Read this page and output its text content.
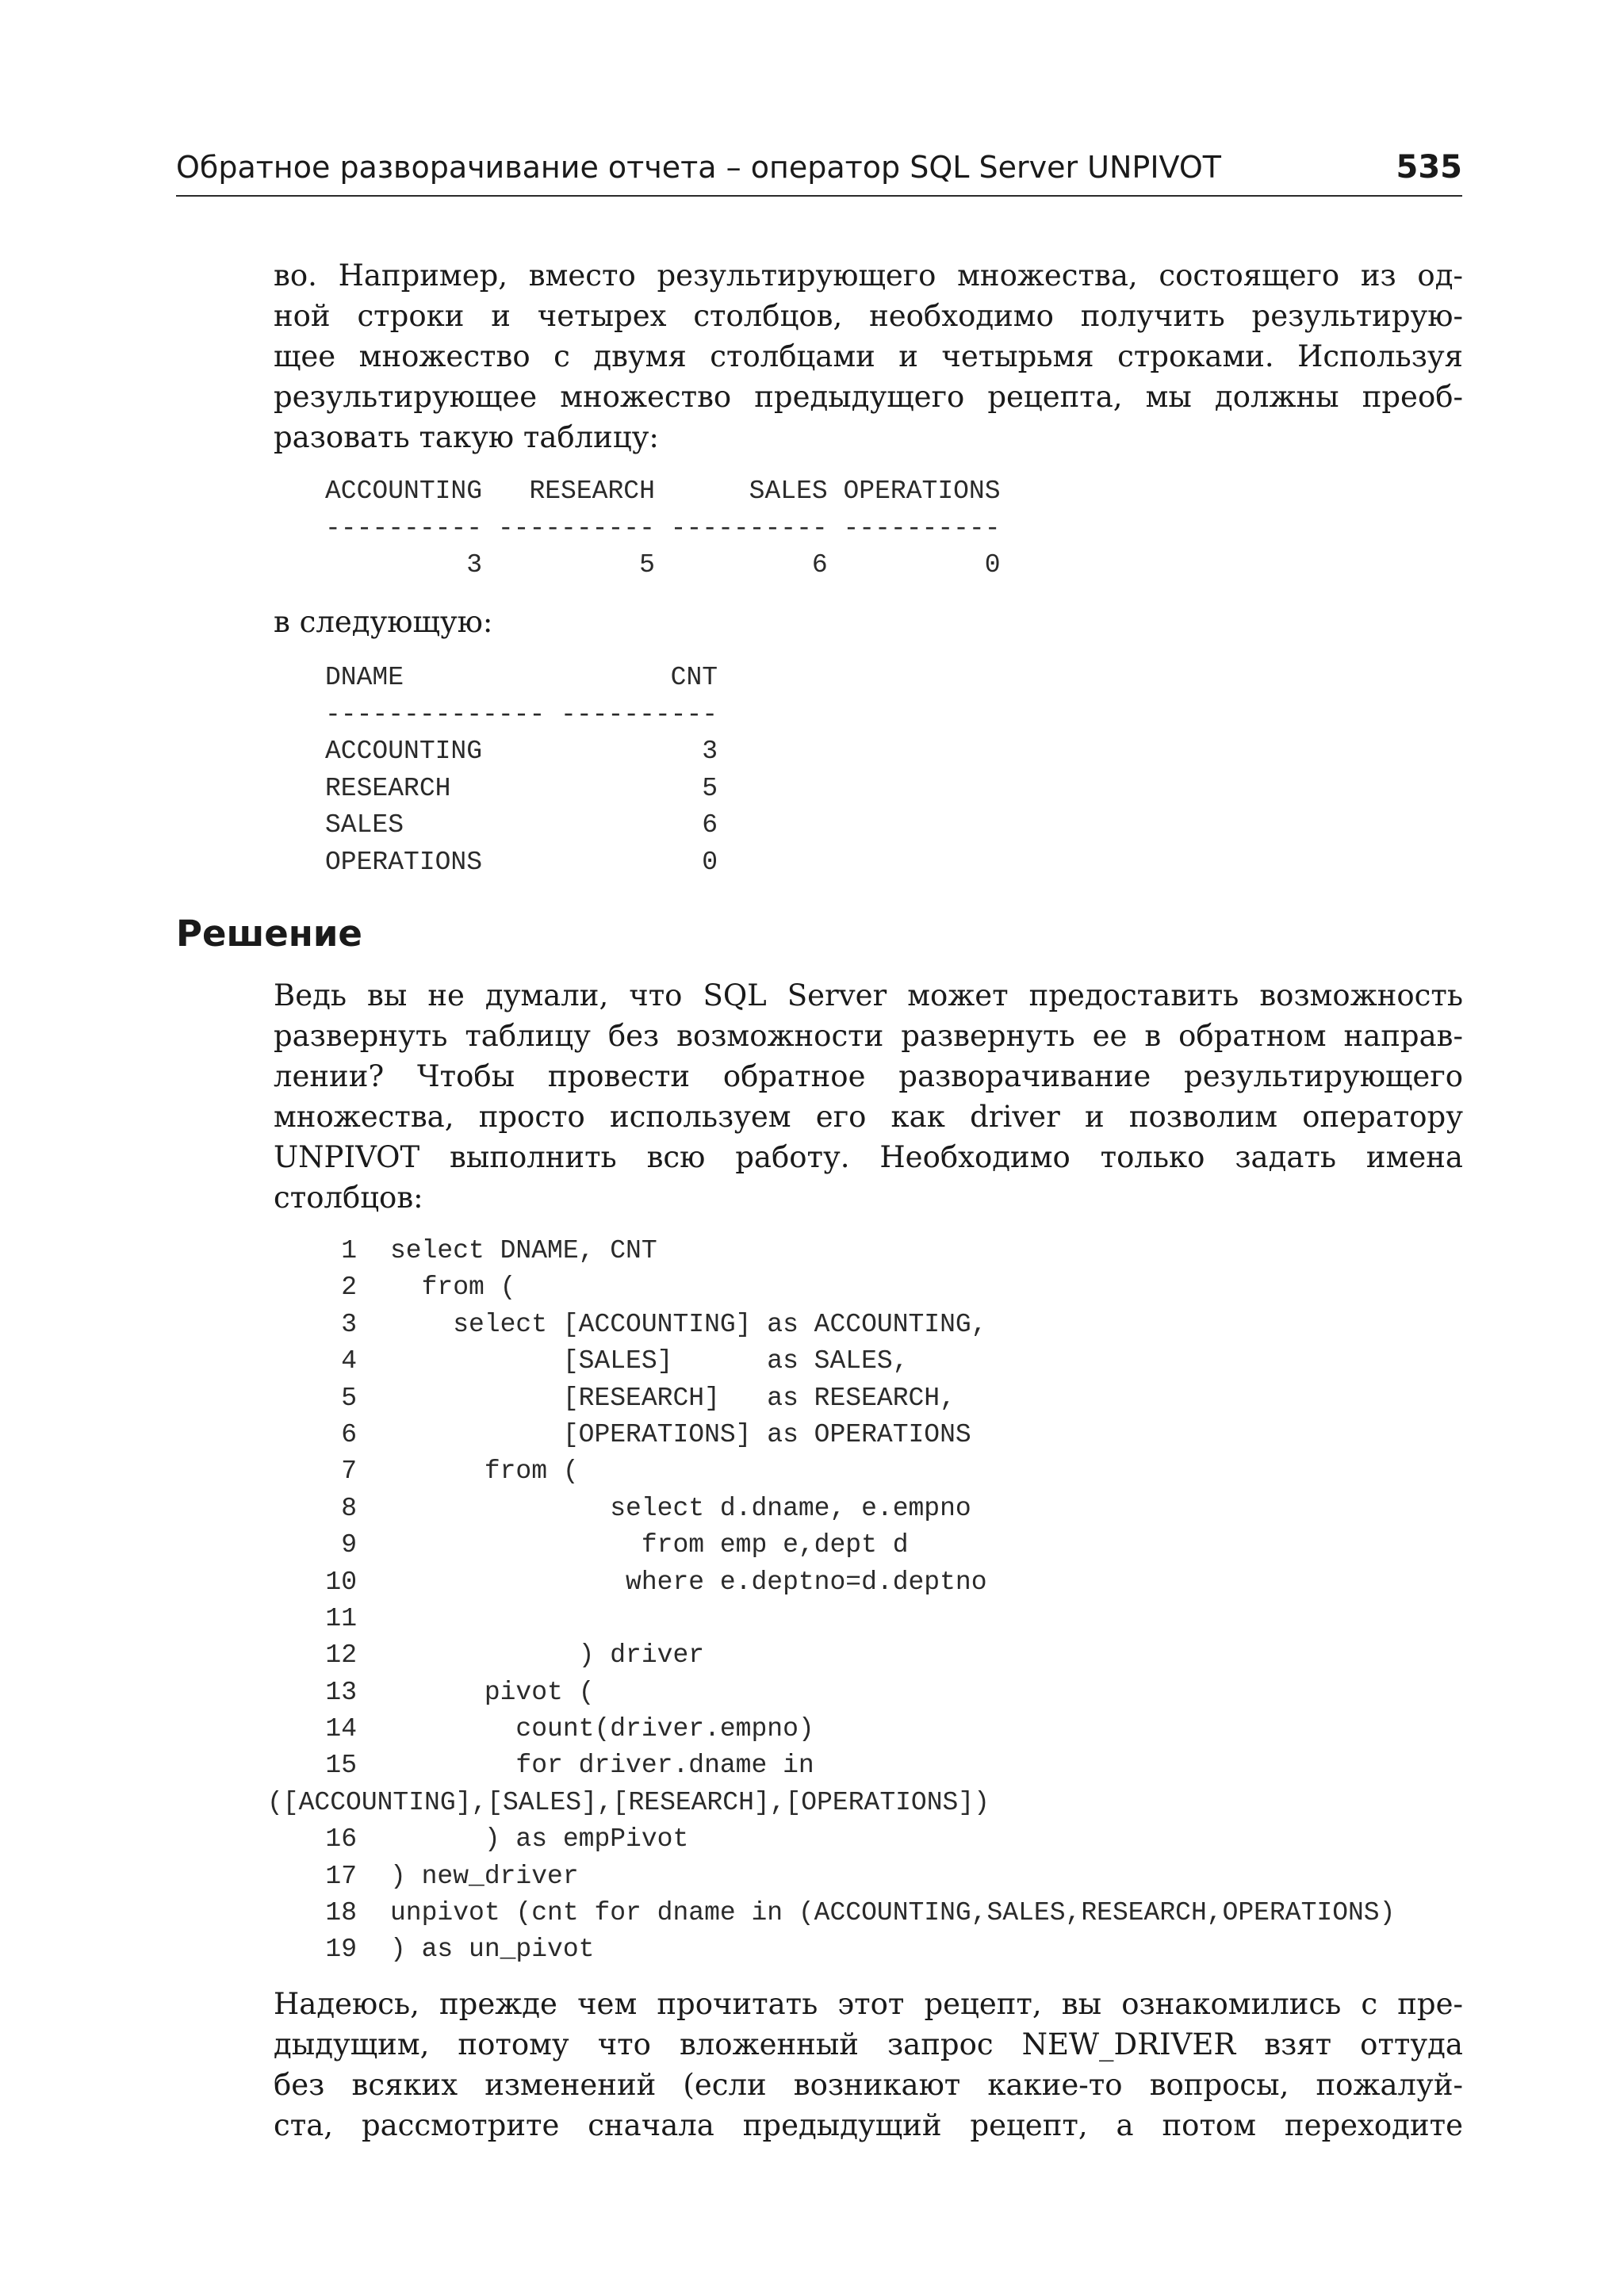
Обратное разворачивание отчета – оператор SQL Server UNPIVOT	535
во. Например, вместо результирующего множества, состоящего из од-
ной строки и четырех столбцов, необходимо получить результирую-
щее множество с двумя столбцами и четырьмя строками. Используя
результирующее множество предыдущего рецепта, мы должны преоб-
разовать такую таблицу:
ACCOUNTING   RESEARCH      SALES OPERATIONS
---------- ---------- ---------- ----------
3          5          6          0
в следующую:
DNAME                 CNT
-------------- ----------
ACCOUNTING              3
RESEARCH                5
SALES                   6
OPERATIONS              0
Решение
Ведь вы не думали, что SQL Server может предоставить возможность
развернуть таблицу без возможности развернуть ее в обратном направ-
лении? Чтобы провести обратное разворачивание результирующего
множества, просто используем его как driver и позволим оператору
UNPIVOT выполнить всю работу. Необходимо только задать имена
столбцов:
1 select DNAME, CNT
2  from (
3    select [ACCOUNTING] as ACCOUNTING,
4           [SALES]      as SALES,
5           [RESEARCH]   as RESEARCH,
6           [OPERATIONS] as OPERATIONS
7      from (
8              select d.dname, e.empno
9                from emp e,dept d
10               where e.deptno=d.deptno
11
12            ) driver
13      pivot (
14        count(driver.empno)
15        for driver.dname in
([ACCOUNTING],[SALES],[RESEARCH],[OPERATIONS])
16      ) as empPivot
17 ) new_driver
18 unpivot (cnt for dname in (ACCOUNTING,SALES,RESEARCH,OPERATIONS)
19 ) as un_pivot
Надеюсь, прежде чем прочитать этот рецепт, вы ознакомились с пре-
дыдущим, потому что вложенный запрос NEW_DRIVER взят оттуда
без всяких изменений (если возникают какие-то вопросы, пожалуй-
ста, рассмотрите сначала предыдущий рецепт, а потом переходите
